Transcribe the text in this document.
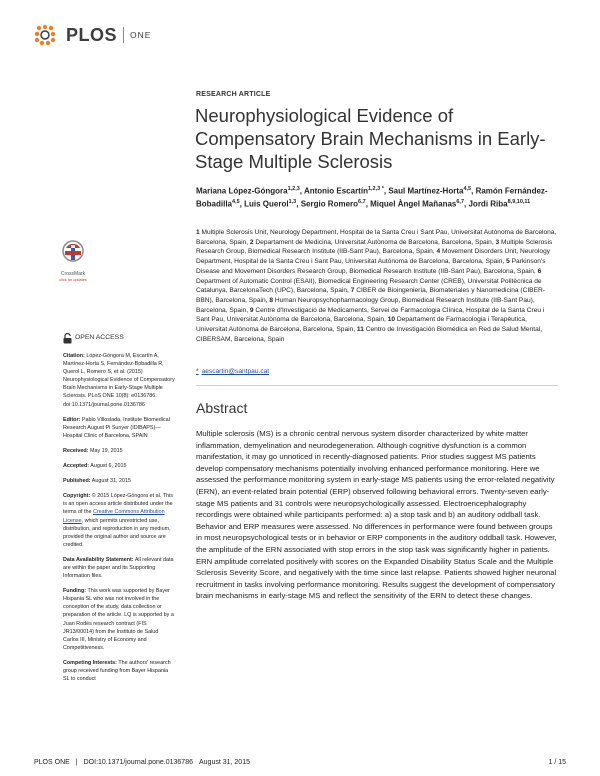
PLOS ONE
RESEARCH ARTICLE
Neurophysiological Evidence of Compensatory Brain Mechanisms in Early-Stage Multiple Sclerosis
Mariana López-Góngora$^{1,2,3}$, Antonio Escartín$^{1,2,3 *}$, Saul Martínez-Horta$^{4,5}$, Ramón Fernández-Bobadilla$^{4,5}$, Luis Querol$^{1,3}$, Sergio Romero$^{6,7}$, Miquel Àngel Mañanas$^{6,7}$, Jordi Riba$^{8,9,10,11}$
1 Multiple Sclerosis Unit, Neurology Department, Hospital de la Santa Creu i Sant Pau, Universitat Autònoma de Barcelona, Barcelona, Spain, 2 Departament de Medicina, Universitat Autònoma de Barcelona, Barcelona, Spain, 3 Multiple Sclerosis Research Group, Biomedical Research Institute (IIB-Sant Pau), Barcelona, Spain, 4 Movement Disorders Unit, Neurology Department, Hospital de la Santa Creu i Sant Pau, Universitat Autònoma de Barcelona, Barcelona, Spain, 5 Parkinson's Disease and Movement Disorders Research Group, Biomedical Research Institute (IIB-Sant Pau), Barcelona, Spain, 6 Department of Automatic Control (ESAII), Biomedical Engineering Research Center (CREB), Universitat Politècnica de Catalunya, BarcelonaTech (UPC), Barcelona, Spain, 7 CIBER de Bioingeniería, Biomateriales y Nanomedicina (CIBER-BBN), Barcelona, Spain, 8 Human Neuropsychopharmacology Group, Biomedical Research Institute (IIB-Sant Pau), Barcelona, Spain, 9 Centre d'Investigació de Medicaments, Servei de Farmacologia Clínica, Hospital de la Santa Creu i Sant Pau, Universitat Autònoma de Barcelona, Barcelona, Spain, 10 Departament de Farmacologia i Terapèutica, Universitat Autònoma de Barcelona, Barcelona, Spain, 11 Centro de Investigación Biomédica en Red de Salud Mental, CIBERSAM, Barcelona, Spain
* aescartin@santpau.cat
CrossMark
click for updates
OPEN ACCESS
Citation: López-Góngora M, Escartín A, Martínez-Horta S, Fernández-Bobadilla R, Querol L, Romero S, et al. (2015) Neurophysiological Evidence of Compensatory Brain Mechanisms in Early-Stage Multiple Sclerosis. PLoS ONE 10(8): e0136786. doi:10.1371/journal.pone.0136786
Editor: Pablo Villoslada, Institute Biomedical Research August Pi Sunyer (IDIBAPS)—Hospital Clinic of Barcelona, SPAIN
Received: May 19, 2015
Accepted: August 6, 2015
Published: August 31, 2015
Copyright: © 2015 López-Góngora et al. This is an open access article distributed under the terms of the Creative Commons Attribution License, which permits unrestricted use, distribution, and reproduction in any medium, provided the original author and source are credited.
Data Availability Statement: All relevant data are within the paper and its Supporting Information files.
Funding: This work was supported by Bayer Hispania SL who was not involved in the conception of the study, data collection or preparation of the article. LQ is supported by a Juan Rodés research contract (FIS JR13/00014) from the Instituto de Salud Carlos III, Ministry of Economy and Competitiveness.
Competing Interests: The authors' research group received funding from Bayer Hispania SL to conduct
Abstract

Multiple sclerosis (MS) is a chronic central nervous system disorder characterized by white matter inflammation, demyelination and neurodegeneration. Although cognitive dysfunction is a common manifestation, it may go unnoticed in recently-diagnosed patients. Prior studies suggest MS patients develop compensatory mechanisms potentially involving enhanced performance monitoring. Here we assessed the performance monitoring system in early-stage MS patients using the error-related negativity (ERN), an event-related brain potential (ERP) observed following behavioral errors. Twenty-seven early-stage MS patients and 31 controls were neuropsychologically assessed. Electroencephalography recordings were obtained while participants performed: a) a stop task and b) an auditory oddball task. Behavior and ERP measures were assessed. No differences in performance were found between groups in most neuropsychological tests or in behavior or ERP components in the auditory oddball task. However, the amplitude of the ERN associated with stop errors in the stop task was significantly higher in patients. ERN amplitude correlated positively with scores on the Expanded Disability Status Scale and the Multiple Sclerosis Severity Score, and negatively with the time since last relapse. Patients showed higher neuronal recruitment in tasks involving performance monitoring. Results suggest the development of compensatory brain mechanisms in early-stage MS and reflect the sensitivity of the ERN to detect these changes.

PLOS ONE | DOI:10.1371/journal.pone.0136786 August 31, 2015	1 / 15
